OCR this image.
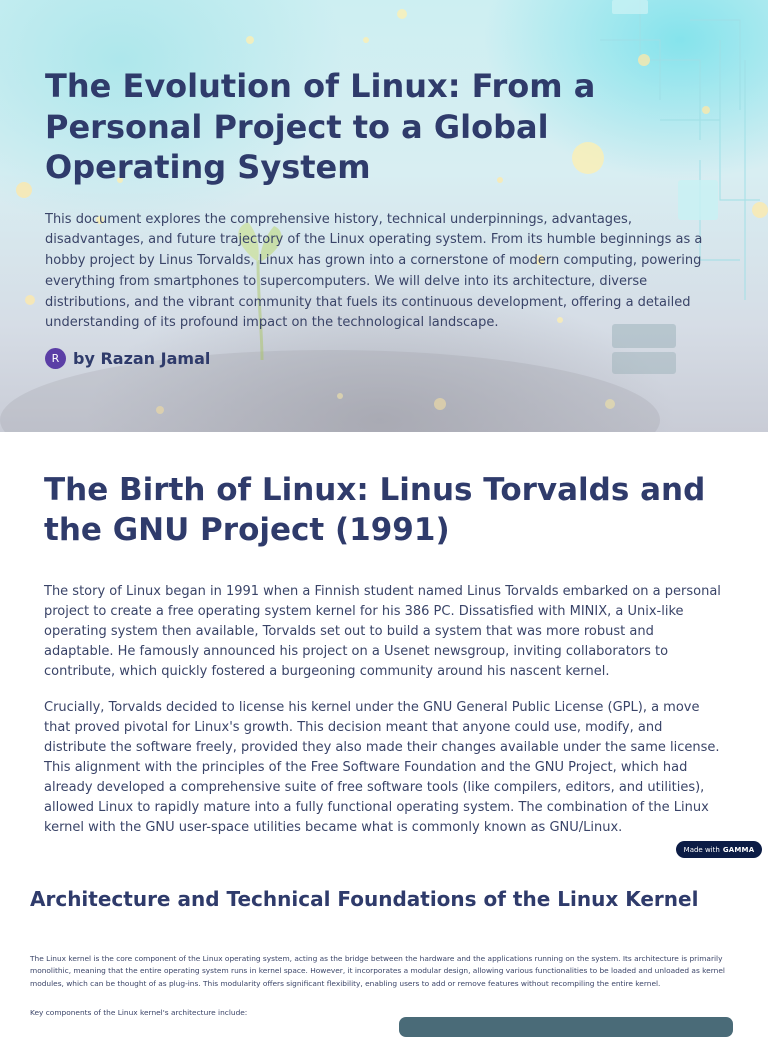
The Evolution of Linux: From a Personal Project to a Global Operating System

This document explores the comprehensive history, technical underpinnings, advantages, disadvantages, and future trajectory of the Linux operating system. From its humble beginnings as a hobby project by Linus Torvalds, Linux has grown into a cornerstone of modern computing, powering everything from smartphones to supercomputers. We will delve into its architecture, diverse distributions, and the vibrant community that fuels its continuous development, offering a detailed understanding of its profound impact on the technological landscape.

R by Razan Jamal
The Birth of Linux: Linus Torvalds and the GNU Project (1991)

The story of Linux began in 1991 when a Finnish student named Linus Torvalds embarked on a personal project to create a free operating system kernel for his 386 PC. Dissatisfied with MINIX, a Unix-like operating system then available, Torvalds set out to build a system that was more robust and adaptable. He famously announced his project on a Usenet newsgroup, inviting collaborators to contribute, which quickly fostered a burgeoning community around his nascent kernel.

Crucially, Torvalds decided to license his kernel under the GNU General Public License (GPL), a move that proved pivotal for Linux's growth. This decision meant that anyone could use, modify, and distribute the software freely, provided they also made their changes available under the same license. This alignment with the principles of the Free Software Foundation and the GNU Project, which had already developed a comprehensive suite of free software tools (like compilers, editors, and utilities), allowed Linux to rapidly mature into a fully functional operating system. The combination of the Linux kernel with the GNU user-space utilities became what is commonly known as GNU/Linux.

Made with GAMMA
Architecture and Technical Foundations of the Linux Kernel

The Linux kernel is the core component of the Linux operating system, acting as the bridge between the hardware and the applications running on the system. Its architecture is primarily monolithic, meaning that the entire operating system runs in kernel space. However, it incorporates a modular design, allowing various functionalities to be loaded and unloaded as kernel modules, which can be thought of as plug-ins. This modularity offers significant flexibility, enabling users to add or remove features without recompiling the entire kernel.

Key components of the Linux kernel's architecture include:
